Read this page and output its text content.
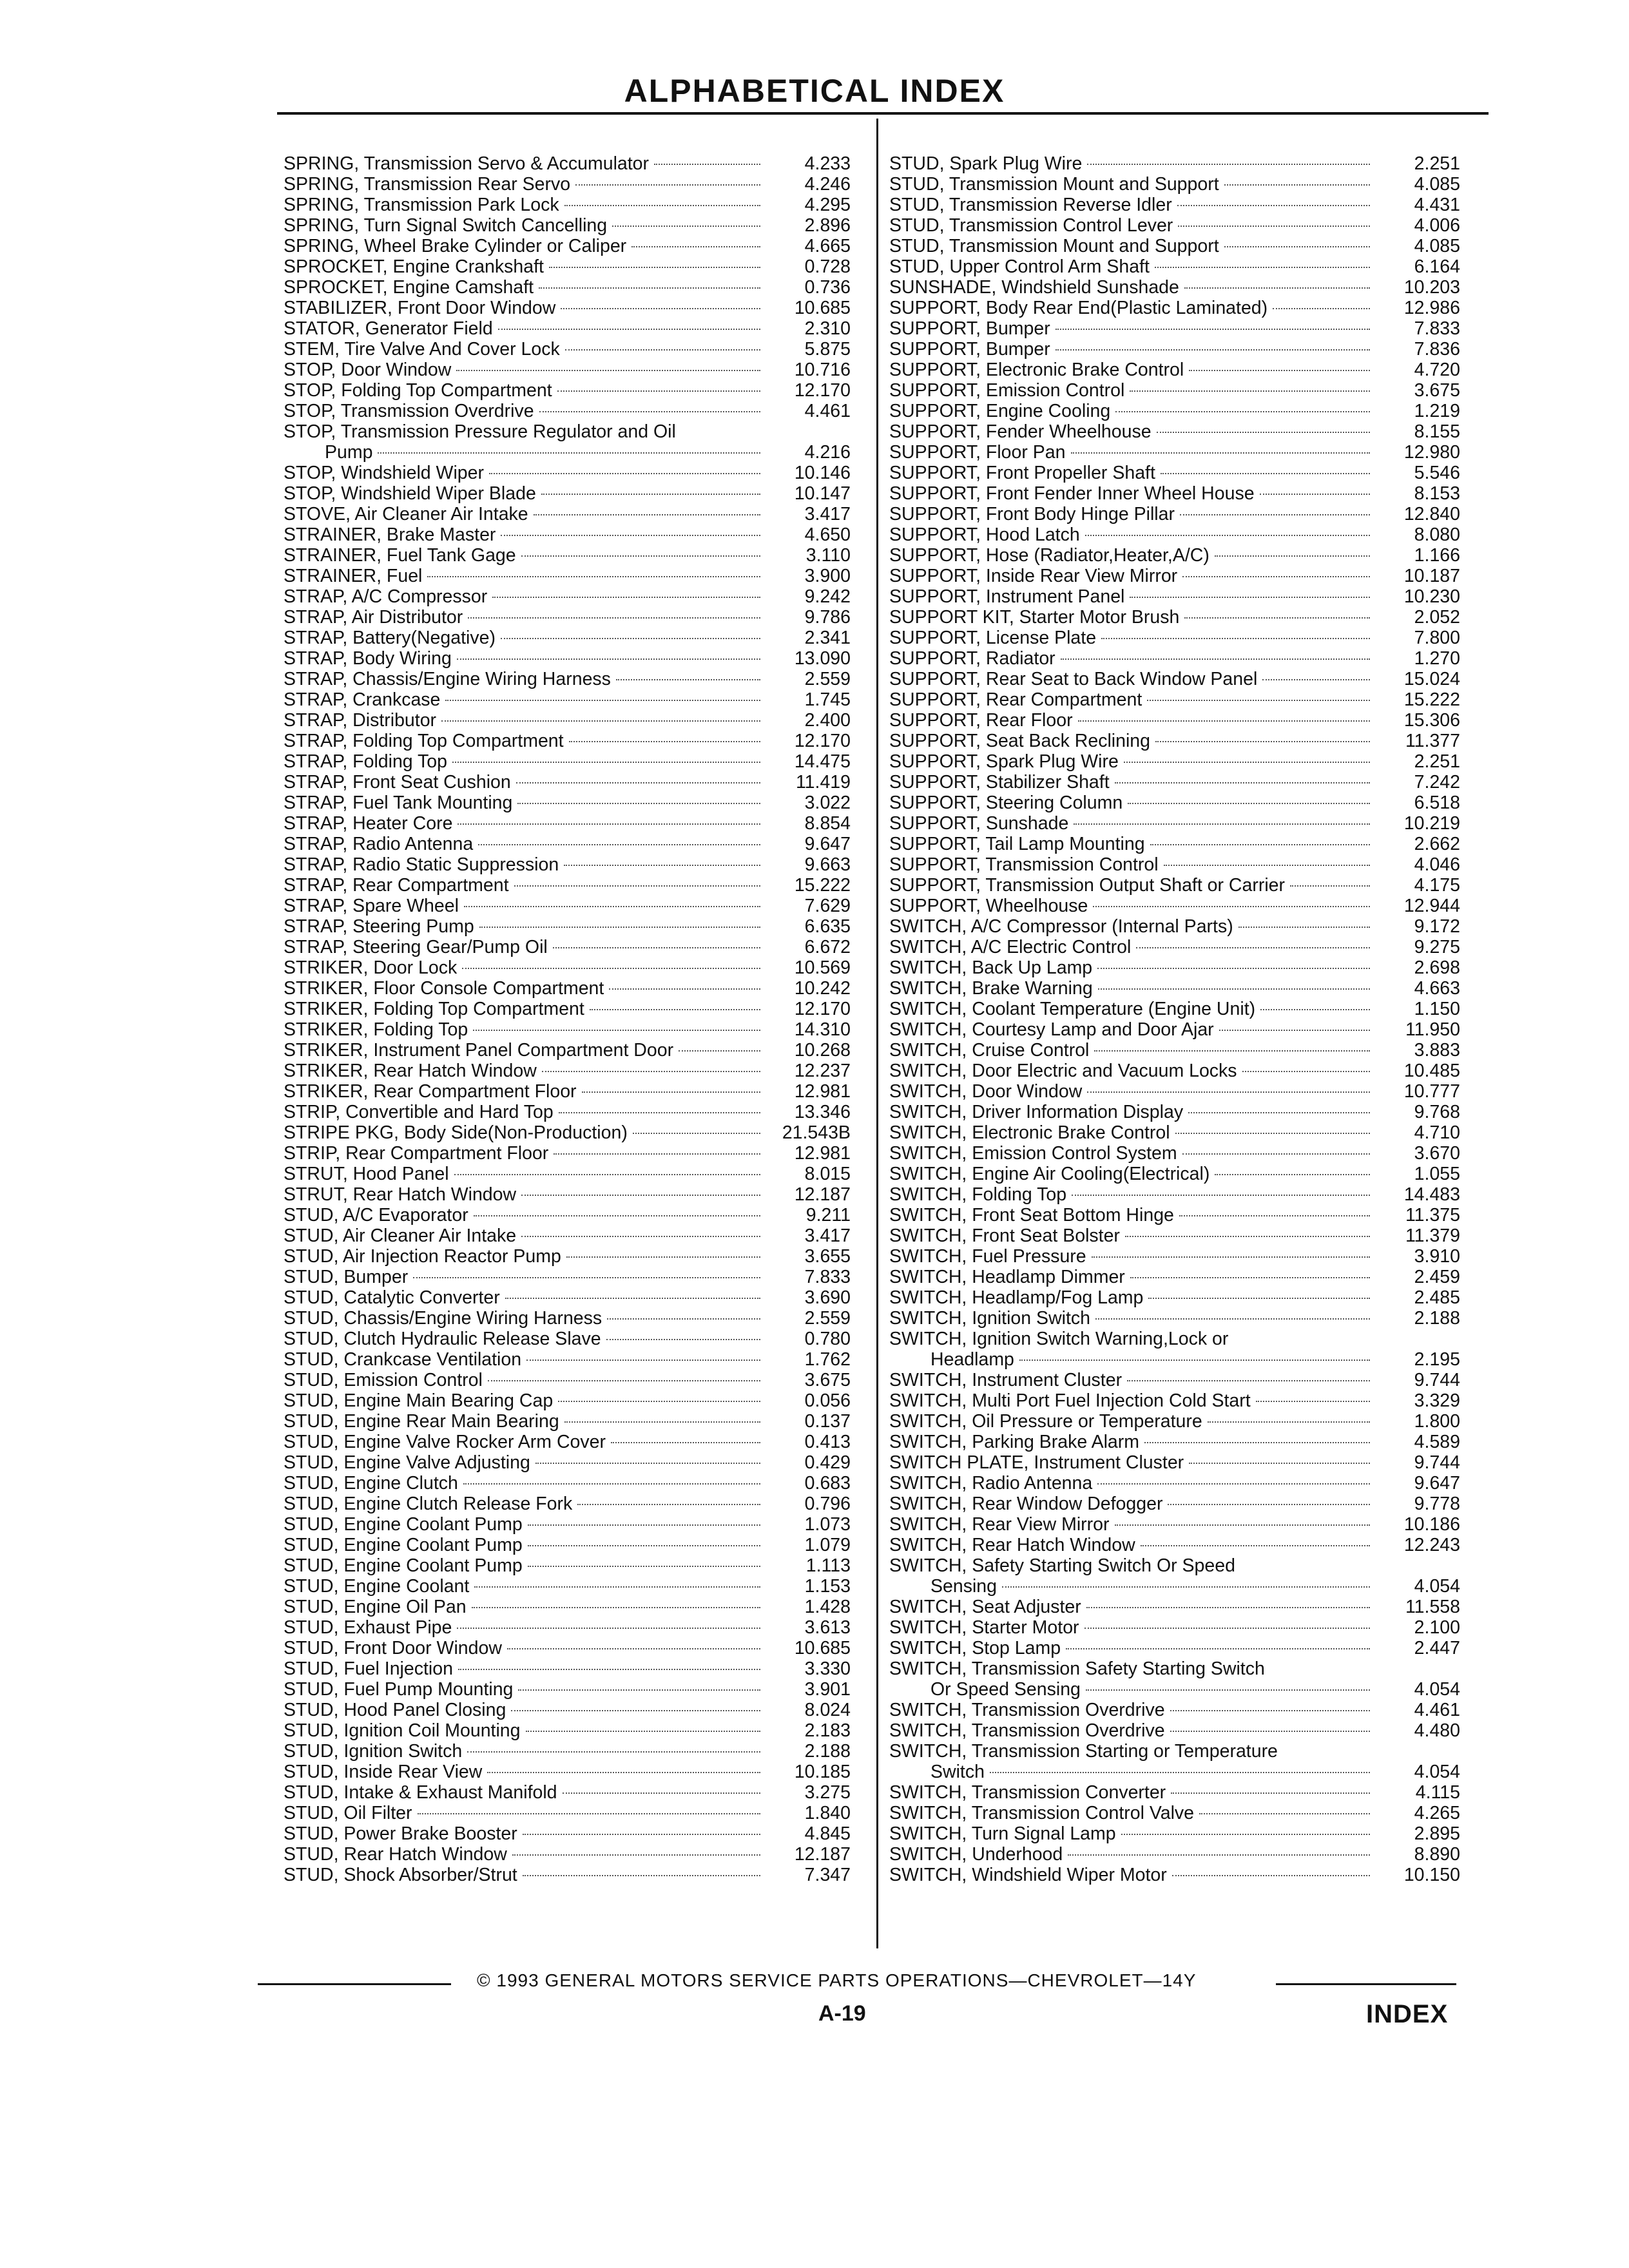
ALPHABETICAL INDEX
SPRING, Transmission Servo & Accumulator	4.233
SPRING, Transmission Rear Servo	4.246
SPRING, Transmission Park Lock	4.295
SPRING, Turn Signal Switch Cancelling	2.896
SPRING, Wheel Brake Cylinder or Caliper	4.665
SPROCKET, Engine Crankshaft	0.728
SPROCKET, Engine Camshaft	0.736
STABILIZER, Front Door Window	10.685
STATOR, Generator Field	2.310
STEM, Tire Valve And Cover Lock	5.875
STOP, Door Window	10.716
STOP, Folding Top Compartment	12.170
STOP, Transmission Overdrive	4.461
STOP, Transmission Pressure Regulator and Oil
Pump	4.216
STOP, Windshield Wiper	10.146
STOP, Windshield Wiper Blade	10.147
STOVE, Air Cleaner Air Intake	3.417
STRAINER, Brake Master	4.650
STRAINER, Fuel Tank Gage	3.110
STRAINER, Fuel	3.900
STRAP, A/C Compressor	9.242
STRAP, Air Distributor	9.786
STRAP, Battery(Negative)	2.341
STRAP, Body Wiring	13.090
STRAP, Chassis/Engine Wiring Harness	2.559
STRAP, Crankcase	1.745
STRAP, Distributor	2.400
STRAP, Folding Top Compartment	12.170
STRAP, Folding Top	14.475
STRAP, Front Seat Cushion	11.419
STRAP, Fuel Tank Mounting	3.022
STRAP, Heater Core	8.854
STRAP, Radio Antenna	9.647
STRAP, Radio Static Suppression	9.663
STRAP, Rear Compartment	15.222
STRAP, Spare Wheel	7.629
STRAP, Steering Pump	6.635
STRAP, Steering Gear/Pump Oil	6.672
STRIKER, Door Lock	10.569
STRIKER, Floor Console Compartment	10.242
STRIKER, Folding Top Compartment	12.170
STRIKER, Folding Top	14.310
STRIKER, Instrument Panel Compartment Door	10.268
STRIKER, Rear Hatch Window	12.237
STRIKER, Rear Compartment Floor	12.981
STRIP, Convertible and Hard Top	13.346
STRIPE PKG, Body Side(Non-Production)	21.543B
STRIP, Rear Compartment Floor	12.981
STRUT, Hood Panel	8.015
STRUT, Rear Hatch Window	12.187
STUD, A/C Evaporator	9.211
STUD, Air Cleaner Air Intake	3.417
STUD, Air Injection Reactor Pump	3.655
STUD, Bumper	7.833
STUD, Catalytic Converter	3.690
STUD, Chassis/Engine Wiring Harness	2.559
STUD, Clutch Hydraulic Release Slave	0.780
STUD, Crankcase Ventilation	1.762
STUD, Emission Control	3.675
STUD, Engine Main Bearing Cap	0.056
STUD, Engine Rear Main Bearing	0.137
STUD, Engine Valve Rocker Arm Cover	0.413
STUD, Engine Valve Adjusting	0.429
STUD, Engine Clutch	0.683
STUD, Engine Clutch Release Fork	0.796
STUD, Engine Coolant Pump	1.073
STUD, Engine Coolant Pump	1.079
STUD, Engine Coolant Pump	1.113
STUD, Engine Coolant	1.153
STUD, Engine Oil Pan	1.428
STUD, Exhaust Pipe	3.613
STUD, Front Door Window	10.685
STUD, Fuel Injection	3.330
STUD, Fuel Pump Mounting	3.901
STUD, Hood Panel Closing	8.024
STUD, Ignition Coil Mounting	2.183
STUD, Ignition Switch	2.188
STUD, Inside Rear View	10.185
STUD, Intake & Exhaust Manifold	3.275
STUD, Oil Filter	1.840
STUD, Power Brake Booster	4.845
STUD, Rear Hatch Window	12.187
STUD, Shock Absorber/Strut	7.347
STUD, Spark Plug Wire	2.251
STUD, Transmission Mount and Support	4.085
STUD, Transmission Reverse Idler	4.431
STUD, Transmission Control Lever	4.006
STUD, Transmission Mount and Support	4.085
STUD, Upper Control Arm Shaft	6.164
SUNSHADE, Windshield Sunshade	10.203
SUPPORT, Body Rear End(Plastic Laminated)	12.986
SUPPORT, Bumper	7.833
SUPPORT, Bumper	7.836
SUPPORT, Electronic Brake Control	4.720
SUPPORT, Emission Control	3.675
SUPPORT, Engine Cooling	1.219
SUPPORT, Fender Wheelhouse	8.155
SUPPORT, Floor Pan	12.980
SUPPORT, Front Propeller Shaft	5.546
SUPPORT, Front Fender Inner Wheel House	8.153
SUPPORT, Front Body Hinge Pillar	12.840
SUPPORT, Hood Latch	8.080
SUPPORT, Hose (Radiator,Heater,A/C)	1.166
SUPPORT, Inside Rear View Mirror	10.187
SUPPORT, Instrument Panel	10.230
SUPPORT KIT, Starter Motor Brush	2.052
SUPPORT, License Plate	7.800
SUPPORT, Radiator	1.270
SUPPORT, Rear Seat to Back Window Panel	15.024
SUPPORT, Rear Compartment	15.222
SUPPORT, Rear Floor	15.306
SUPPORT, Seat Back Reclining	11.377
SUPPORT, Spark Plug Wire	2.251
SUPPORT, Stabilizer Shaft	7.242
SUPPORT, Steering Column	6.518
SUPPORT, Sunshade	10.219
SUPPORT, Tail Lamp Mounting	2.662
SUPPORT, Transmission Control	4.046
SUPPORT, Transmission Output Shaft or Carrier	4.175
SUPPORT, Wheelhouse	12.944
SWITCH, A/C Compressor (Internal Parts)	9.172
SWITCH, A/C Electric Control	9.275
SWITCH, Back Up Lamp	2.698
SWITCH, Brake Warning	4.663
SWITCH, Coolant Temperature (Engine Unit)	1.150
SWITCH, Courtesy Lamp and Door Ajar	11.950
SWITCH, Cruise Control	3.883
SWITCH, Door Electric and Vacuum Locks	10.485
SWITCH, Door Window	10.777
SWITCH, Driver Information Display	9.768
SWITCH, Electronic Brake Control	4.710
SWITCH, Emission Control System	3.670
SWITCH, Engine Air Cooling(Electrical)	1.055
SWITCH, Folding Top	14.483
SWITCH, Front Seat Bottom Hinge	11.375
SWITCH, Front Seat Bolster	11.379
SWITCH, Fuel Pressure	3.910
SWITCH, Headlamp Dimmer	2.459
SWITCH, Headlamp/Fog Lamp	2.485
SWITCH, Ignition Switch	2.188
SWITCH, Ignition Switch Warning,Lock or
Headlamp	2.195
SWITCH, Instrument Cluster	9.744
SWITCH, Multi Port Fuel Injection Cold Start	3.329
SWITCH, Oil Pressure or Temperature	1.800
SWITCH, Parking Brake Alarm	4.589
SWITCH PLATE, Instrument Cluster	9.744
SWITCH, Radio Antenna	9.647
SWITCH, Rear Window Defogger	9.778
SWITCH, Rear View Mirror	10.186
SWITCH, Rear Hatch Window	12.243
SWITCH, Safety Starting Switch Or Speed
Sensing	4.054
SWITCH, Seat Adjuster	11.558
SWITCH, Starter Motor	2.100
SWITCH, Stop Lamp	2.447
SWITCH, Transmission Safety Starting Switch
Or Speed Sensing	4.054
SWITCH, Transmission Overdrive	4.461
SWITCH, Transmission Overdrive	4.480
SWITCH, Transmission Starting or Temperature
Switch	4.054
SWITCH, Transmission Converter	4.115
SWITCH, Transmission Control Valve	4.265
SWITCH, Turn Signal Lamp	2.895
SWITCH, Underhood	8.890
SWITCH, Windshield Wiper Motor	10.150
© 1993 GENERAL MOTORS SERVICE PARTS OPERATIONS—CHEVROLET—14Y
A-19	INDEX
